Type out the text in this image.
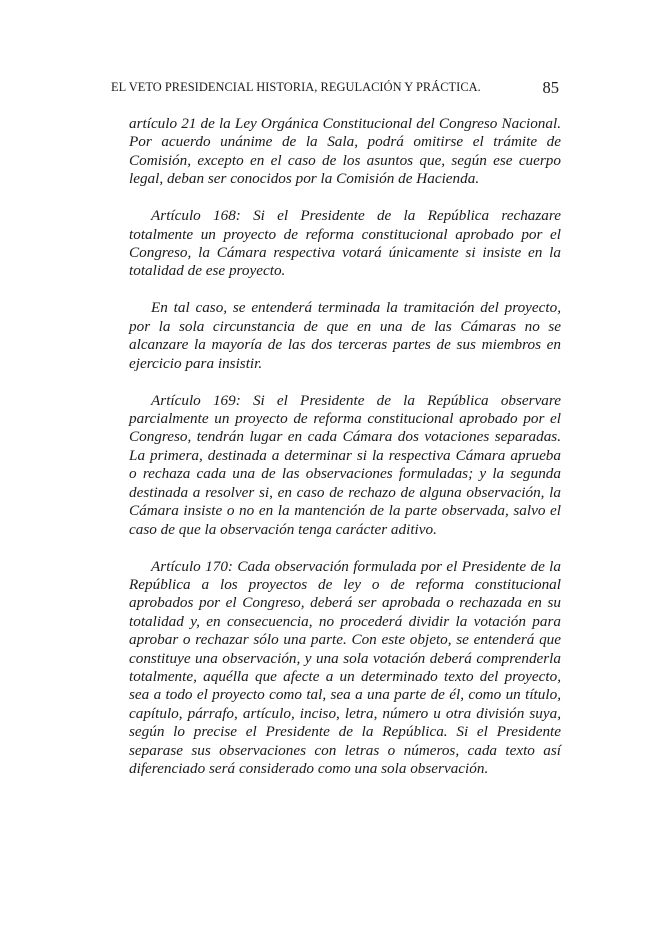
EL VETO PRESIDENCIAL HISTORIA, REGULACIÓN Y PRÁCTICA.	85

artículo 21 de la Ley Orgánica Constitucional del Congreso Nacional. Por acuerdo unánime de la Sala, podrá omitirse el trámite de Comisión, excepto en el caso de los asuntos que, según ese cuerpo legal, deban ser conocidos por la Comisión de Hacienda.

Artículo 168: Si el Presidente de la República rechazare totalmente un proyecto de reforma constitucional aprobado por el Congreso, la Cámara respectiva votará únicamente si insiste en la totalidad de ese proyecto.

En tal caso, se entenderá terminada la tramitación del proyecto, por la sola circunstancia de que en una de las Cámaras no se alcanzare la mayoría de las dos terceras partes de sus miembros en ejercicio para insistir.

Artículo 169: Si el Presidente de la República observare parcialmente un proyecto de reforma constitucional aprobado por el Congreso, tendrán lugar en cada Cámara dos votaciones separadas. La primera, destinada a determinar si la respectiva Cámara aprueba o rechaza cada una de las observaciones formuladas; y la segunda destinada a resolver si, en caso de rechazo de alguna observación, la Cámara insiste o no en la mantención de la parte observada, salvo el caso de que la observación tenga carácter aditivo.

Artículo 170: Cada observación formulada por el Presidente de la República a los proyectos de ley o de reforma constitucional aprobados por el Congreso, deberá ser aprobada o rechazada en su totalidad y, en consecuencia, no procederá dividir la votación para aprobar o rechazar sólo una parte. Con este objeto, se entenderá que constituye una observación, y una sola votación deberá comprenderla totalmente, aquélla que afecte a un determinado texto del proyecto, sea a todo el proyecto como tal, sea a una parte de él, como un título, capítulo, párrafo, artículo, inciso, letra, número u otra división suya, según lo precise el Presidente de la República. Si el Presidente separase sus observaciones con letras o números, cada texto así diferenciado será considerado como una sola observación.
